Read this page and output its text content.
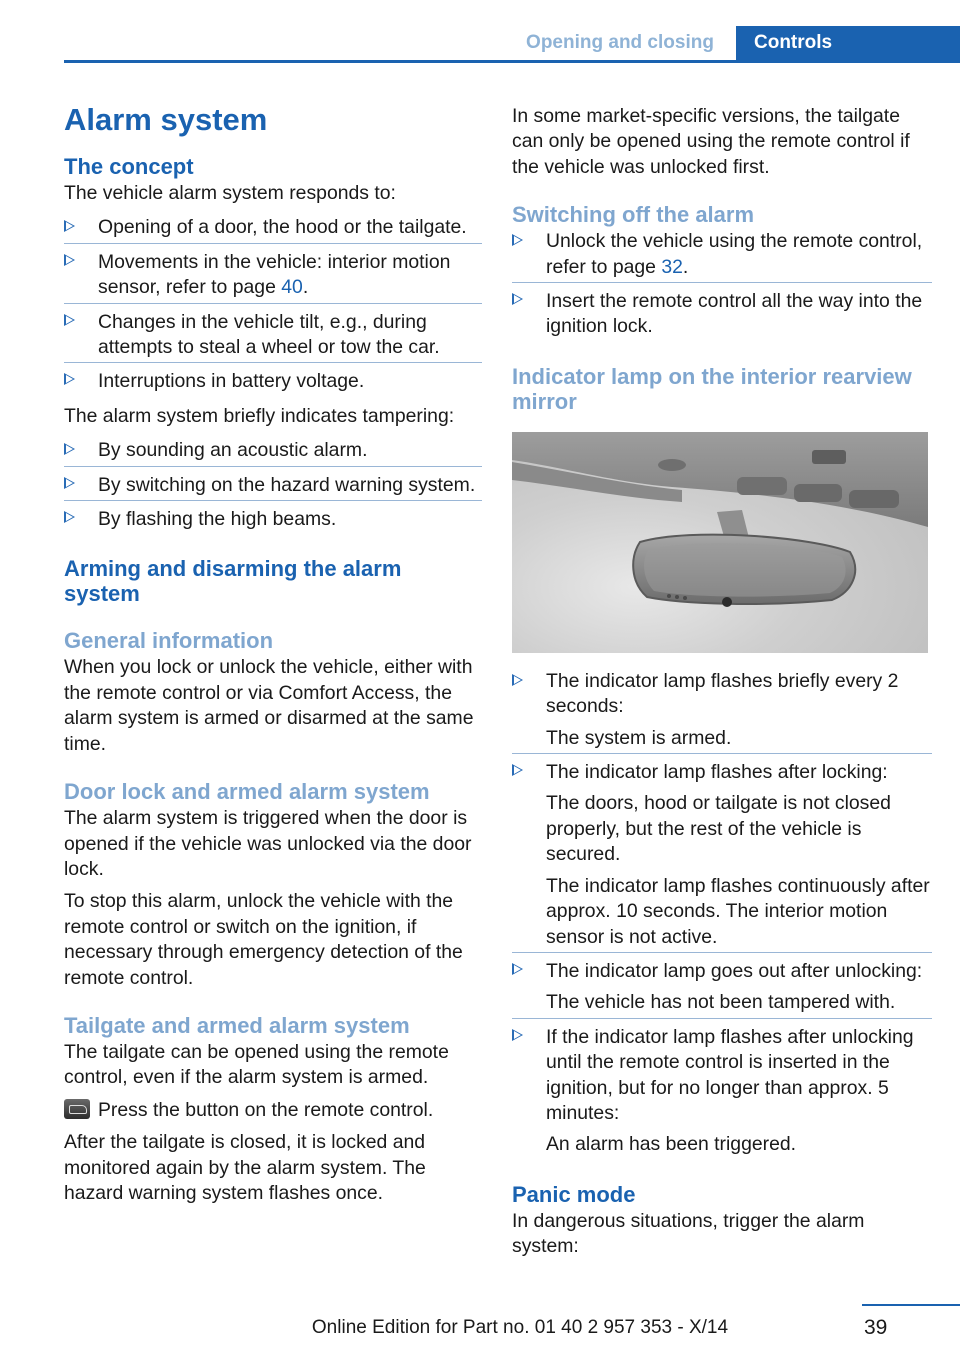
Opening and closing	Controls
Alarm system
The concept

The vehicle alarm system responds to:

Opening of a door, the hood or the tailgate.
Movements in the vehicle: interior motion sensor, refer to page 40.
Changes in the vehicle tilt, e.g., during attempts to steal a wheel or tow the car.
Interruptions in battery voltage.

The alarm system briefly indicates tampering:

By sounding an acoustic alarm.
By switching on the hazard warning system.
By flashing the high beams.
Arming and disarming the alarm system
General information

When you lock or unlock the vehicle, either with the remote control or via Comfort Access, the alarm system is armed or disarmed at the same time.

Door lock and armed alarm system

The alarm system is triggered when the door is opened if the vehicle was unlocked via the door lock.

To stop this alarm, unlock the vehicle with the remote control or switch on the ignition, if necessary through emergency detection of the remote control.

Tailgate and armed alarm system

The tailgate can be opened using the remote control, even if the alarm system is armed.

Press the button on the remote control.

After the tailgate is closed, it is locked and monitored again by the alarm system. The hazard warning system flashes once.

In some market-specific versions, the tailgate can only be opened using the remote control if the vehicle was unlocked first.

Switching off the alarm
Unlock the vehicle using the remote control, refer to page 32.
Insert the remote control all the way into the ignition lock.
Indicator lamp on the interior rearview mirror
The indicator lamp flashes briefly every 2 seconds:
The system is armed.
The indicator lamp flashes after locking:
The doors, hood or tailgate is not closed properly, but the rest of the vehicle is secured.
The indicator lamp flashes continuously after approx. 10 seconds. The interior motion sensor is not active.
The indicator lamp goes out after unlocking:
The vehicle has not been tampered with.
If the indicator lamp flashes after unlocking until the remote control is inserted in the ignition, but for no longer than approx. 5 minutes:
An alarm has been triggered.
Panic mode

In dangerous situations, trigger the alarm system:

39
Online Edition for Part no. 01 40 2 957 353 - X/14
